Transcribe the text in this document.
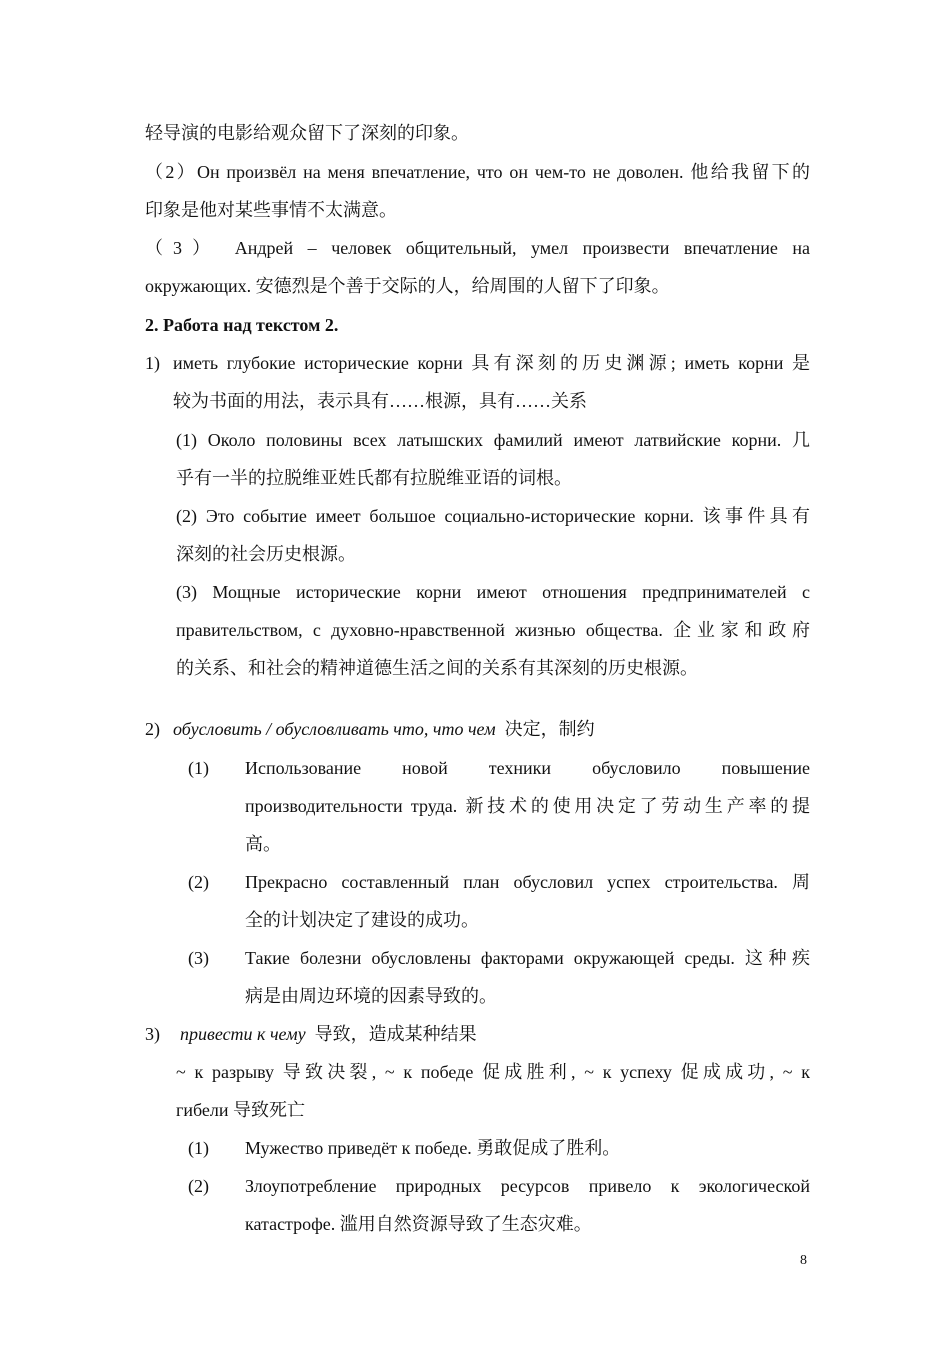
轻导演的电影给观众留下了深刻的印象。
（2）Он произвёл на меня впечатление, что он чем-то не доволен. 他给我留下的
印象是他对某些事情不太满意。
（3） Андрей – человек общительный, умел произвести впечатление на
окружающих. 安德烈是个善于交际的人，给周围的人留下了印象。
2. Работа над текстом 2.
1) иметь глубокие исторические корни 具有深刻的历史渊源; иметь корни 是
较为书面的用法，表示具有……根源，具有……关系
(1) Около половины всех латышских фамилий имеют латвийские корни. 几
乎有一半的拉脱维亚姓氏都有拉脱维亚语的词根。
(2) Это событие имеет большое социально-исторические корни. 该事件具有
深刻的社会历史根源。
(3) Мощные исторические корни имеют отношения предпринимателей с
правительством, с духовно-нравственной жизнью общества. 企业家和政府
的关系、和社会的精神道德生活之间的关系有其深刻的历史根源。
2) обусловить / обусловливать что, что чем 决定，制约
(1) Использование новой техники обусловило повышение
производительности труда. 新技术的使用决定了劳动生产率的提
高。
(2) Прекрасно составленный план обусловил успех строительства. 周
全的计划决定了建设的成功。
(3) Такие болезни обусловлены факторами окружающей среды. 这种疾
病是由周边环境的因素导致的。
3) привести к чему 导致，造成某种结果
~ к разрыву 导致决裂, ~ к победе 促成胜利, ~ к успеху 促成成功, ~ к
гибели 导致死亡
(1) Мужество приведёт к победе. 勇敢促成了胜利。
(2) Злоупотребление природных ресурсов привело к экологической
катастрофе. 滥用自然资源导致了生态灾难。
8
